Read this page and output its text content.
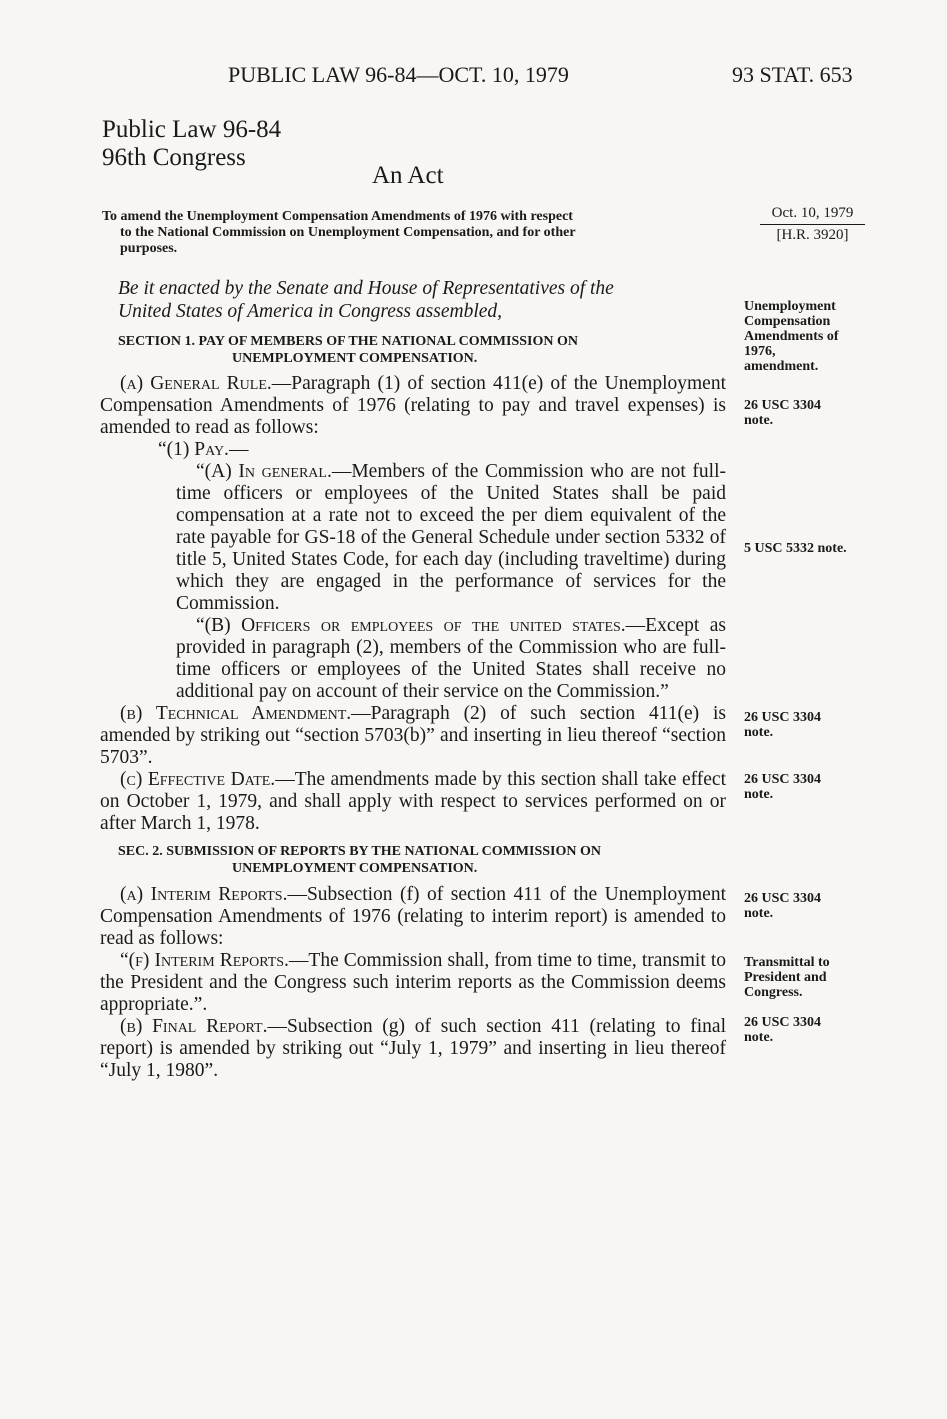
PUBLIC LAW 96-84—OCT. 10, 1979	93 STAT. 653
Public Law 96-84
96th Congress
An Act
To amend the Unemployment Compensation Amendments of 1976 with respect
to the National Commission on Unemployment Compensation, and for other
purposes.
Oct. 10, 1979
[H.R. 3920]
Be it enacted by the Senate and House of Representatives of the
United States of America in Congress assembled,
SECTION 1. PAY OF MEMBERS OF THE NATIONAL COMMISSION ON
UNEMPLOYMENT COMPENSATION.

(a) General Rule.—Paragraph (1) of section 411(e) of the Unemployment Compensation Amendments of 1976 (relating to pay and travel expenses) is amended to read as follows:

“(1) Pay.—

“(A) In general.—Members of the Commission who are not full-time officers or employees of the United States shall be paid compensation at a rate not to exceed the per diem equivalent of the rate payable for GS-18 of the General Schedule under section 5332 of title 5, United States Code, for each day (including traveltime) during which they are engaged in the performance of services for the Commission.

“(B) Officers or employees of the united states.—Except as provided in paragraph (2), members of the Commission who are full-time officers or employees of the United States shall receive no additional pay on account of their service on the Commission.”

(b) Technical Amendment.—Paragraph (2) of such section 411(e) is amended by striking out “section 5703(b)” and inserting in lieu thereof “section 5703”.

(c) Effective Date.—The amendments made by this section shall take effect on October 1, 1979, and shall apply with respect to services performed on or after March 1, 1978.

SEC. 2. SUBMISSION OF REPORTS BY THE NATIONAL COMMISSION ON
UNEMPLOYMENT COMPENSATION.

(a) Interim Reports.—Subsection (f) of section 411 of the Unemployment Compensation Amendments of 1976 (relating to interim report) is amended to read as follows:

“(f) Interim Reports.—The Commission shall, from time to time, transmit to the President and the Congress such interim reports as the Commission deems appropriate.”.

(b) Final Report.—Subsection (g) of such section 411 (relating to final report) is amended by striking out “July 1, 1979” and inserting in lieu thereof “July 1, 1980”.

Unemployment
Compensation
Amendments of
1976,
amendment.
26 USC 3304
note.
5 USC 5332 note.
26 USC 3304
note.
26 USC 3304
note.
26 USC 3304
note.
Transmittal to
President and
Congress.
26 USC 3304
note.
